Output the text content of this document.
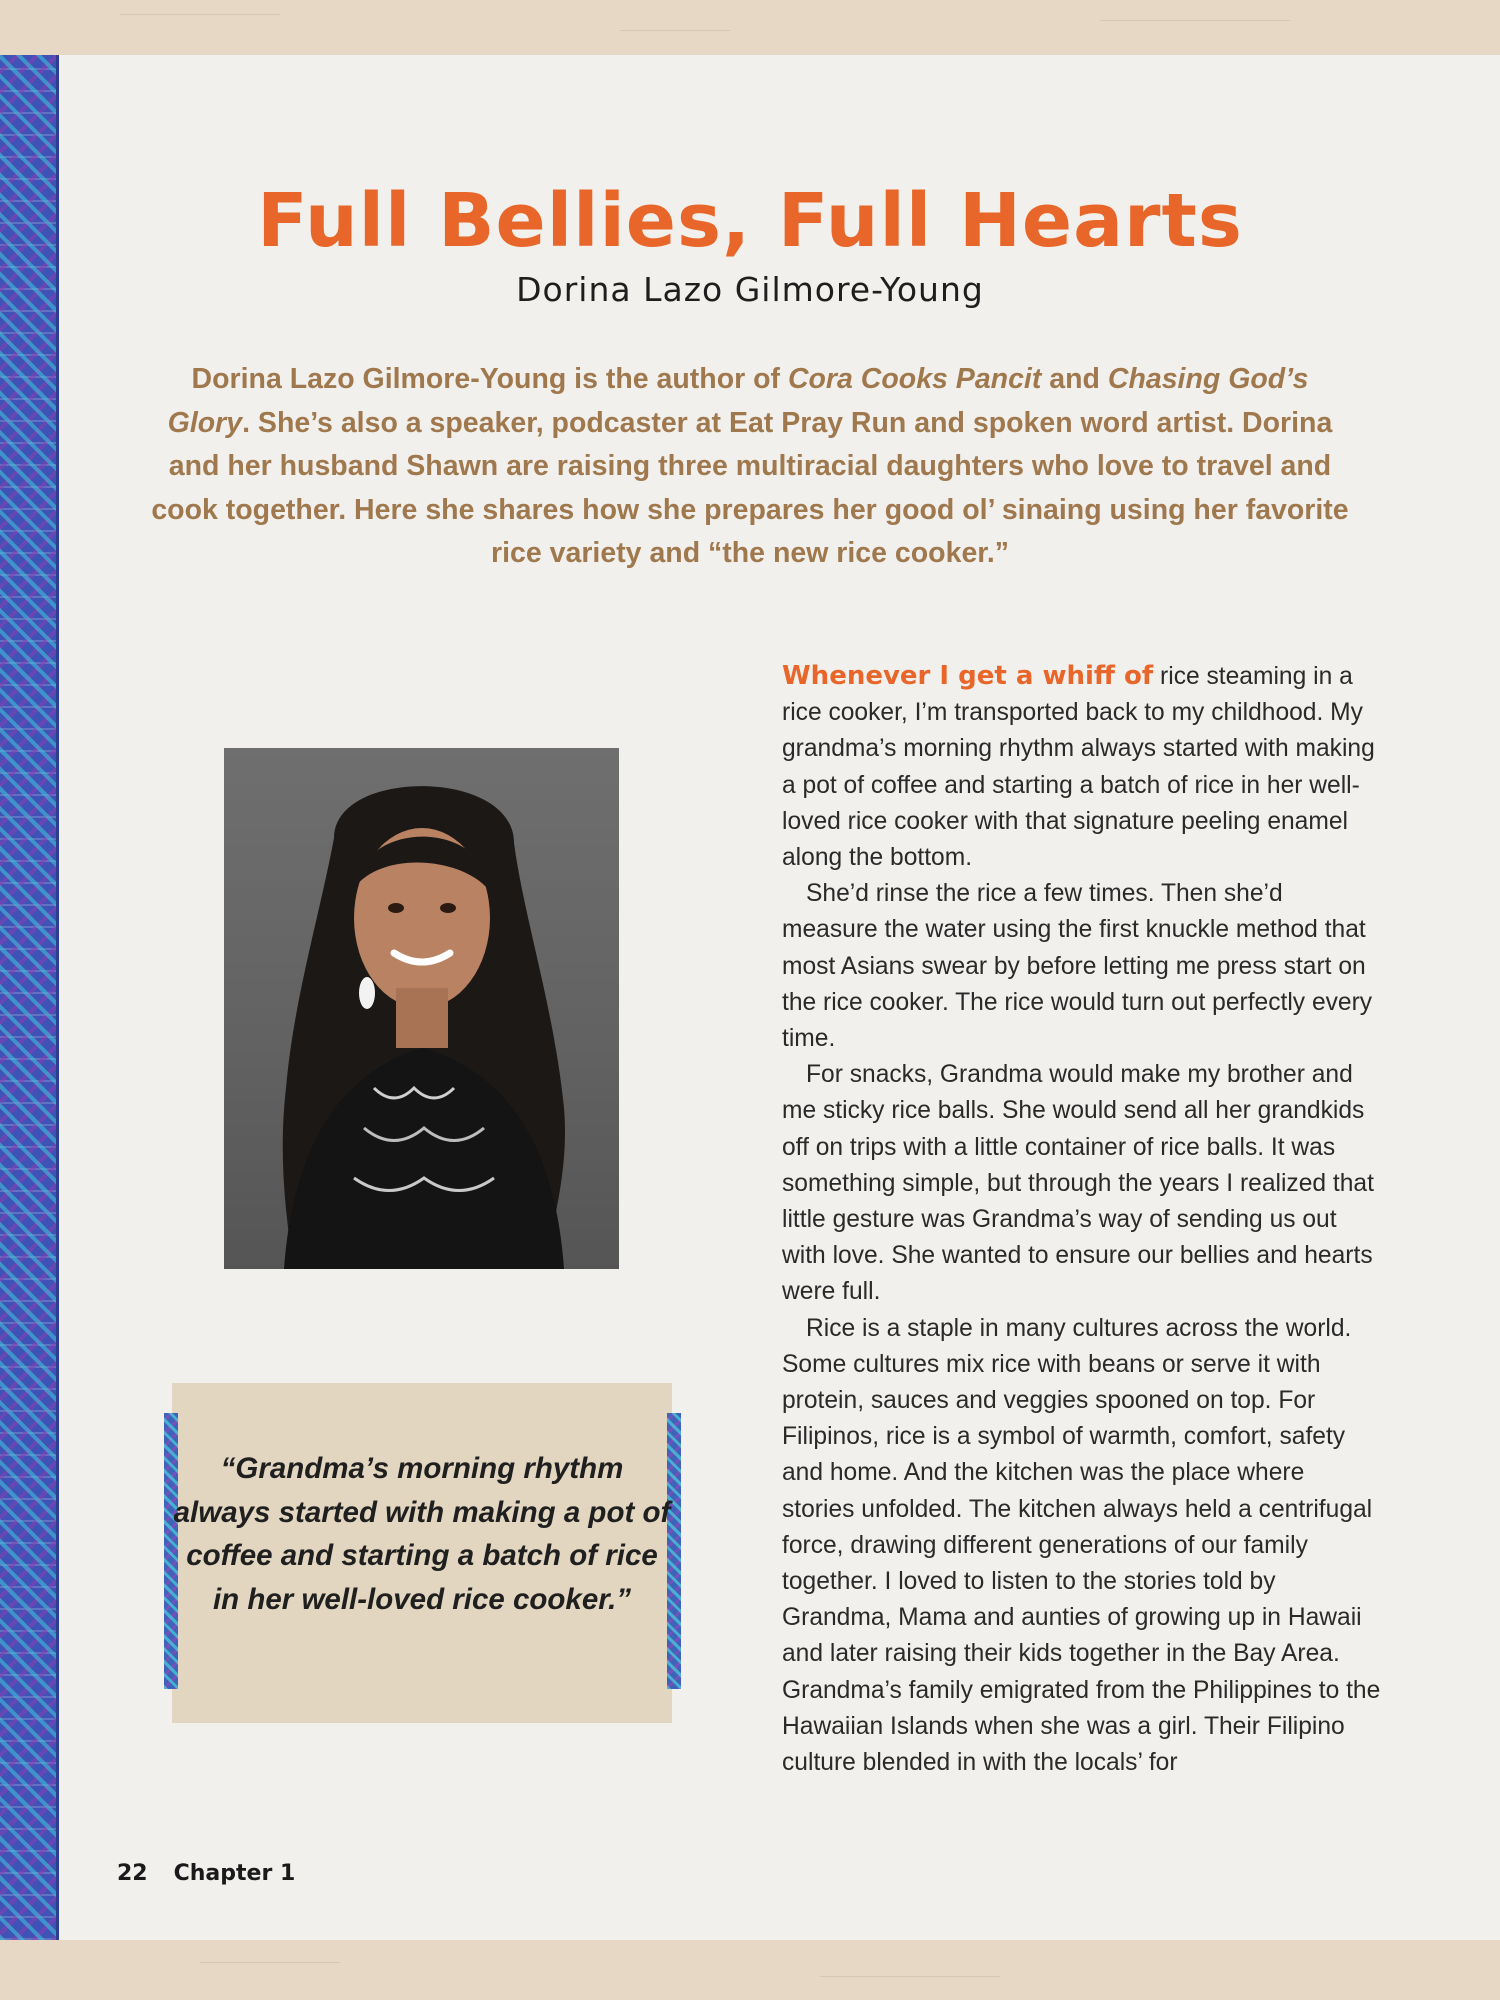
Full Bellies, Full Hearts
Dorina Lazo Gilmore-Young

Dorina Lazo Gilmore-Young is the author of Cora Cooks Pancit and Chasing God’s Glory. She’s also a speaker, podcaster at Eat Pray Run and spoken word artist. Dorina and her husband Shawn are raising three multiracial daughters who love to travel and cook together. Here she shares how she prepares her good ol’ sinaing using her favorite rice variety and “the new rice cooker.”

“Grandma’s morning rhythm always started with making a pot of coffee and starting a batch of rice in her well-loved rice cooker.”

Whenever I get a whiff of rice steaming in a rice cooker, I’m transported back to my childhood. My grandma’s morning rhythm always started with making a pot of coffee and starting a batch of rice in her well-loved rice cooker with that signature peeling enamel along the bottom.

She’d rinse the rice a few times. Then she’d measure the water using the first knuckle method that most Asians swear by before letting me press start on the rice cooker. The rice would turn out perfectly every time.

For snacks, Grandma would make my brother and me sticky rice balls. She would send all her grandkids off on trips with a little container of rice balls. It was something simple, but through the years I realized that little gesture was Grandma’s way of sending us out with love. She wanted to ensure our bellies and hearts were full.

Rice is a staple in many cultures across the world. Some cultures mix rice with beans or serve it with protein, sauces and veggies spooned on top. For Filipinos, rice is a symbol of warmth, comfort, safety and home. And the kitchen was the place where stories unfolded. The kitchen always held a centrifugal force, drawing different generations of our family together. I loved to listen to the stories told by Grandma, Mama and aunties of growing up in Hawaii and later raising their kids together in the Bay Area. Grandma’s family emigrated from the Philippines to the Hawaiian Islands when she was a girl. Their Filipino culture blended in with the locals’ for

22 Chapter 1
